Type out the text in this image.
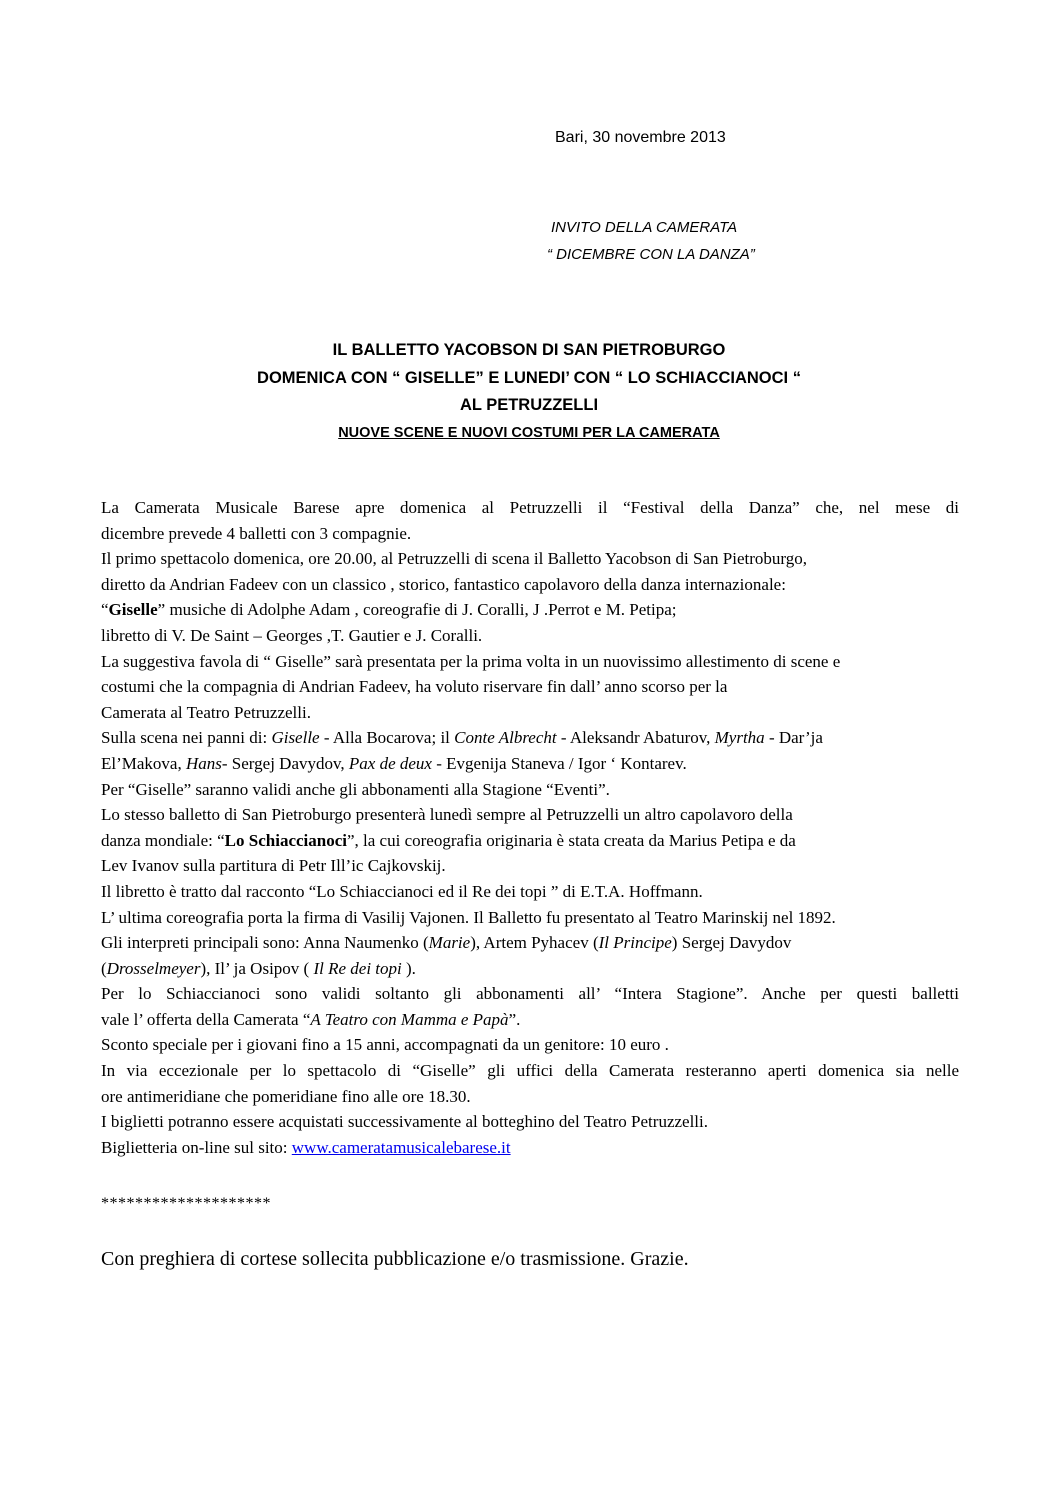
Bari, 30 novembre 2013
INVITO DELLA CAMERATA
“ DICEMBRE CON LA DANZA”

IL BALLETTO YACOBSON DI SAN PIETROBURGO

DOMENICA CON “ GISELLE” E LUNEDI’ CON “ LO SCHIACCIANOCI “

AL PETRUZZELLI

NUOVE SCENE E NUOVI COSTUMI PER LA CAMERATA

La Camerata Musicale Barese apre domenica al Petruzzelli il “Festival della Danza” che, nel mese di

dicembre prevede 4 balletti con 3 compagnie.

Il primo spettacolo domenica, ore 20.00, al Petruzzelli di scena il Balletto Yacobson di San Pietroburgo,

diretto da Andrian Fadeev con un classico , storico, fantastico capolavoro della danza internazionale:

“Giselle” musiche di Adolphe Adam , coreografie di J. Coralli, J .Perrot e M. Petipa;

libretto di V. De Saint – Georges ,T. Gautier e J. Coralli.

La suggestiva favola di “ Giselle” sarà presentata per la prima volta in un nuovissimo allestimento di scene e

costumi che la compagnia di Andrian Fadeev, ha voluto riservare fin dall’ anno scorso per la

Camerata al Teatro Petruzzelli.

Sulla scena nei panni di: Giselle - Alla Bocarova; il Conte Albrecht - Aleksandr Abaturov, Myrtha - Dar’ja

El’Makova, Hans- Sergej Davydov, Pax de deux - Evgenija Staneva / Igor ‘ Kontarev.

Per “Giselle” saranno validi anche gli abbonamenti alla Stagione “Eventi”.

Lo stesso balletto di San Pietroburgo presenterà lunedì sempre al Petruzzelli un altro capolavoro della

danza mondiale: “Lo Schiaccianoci”, la cui coreografia originaria è stata creata da Marius Petipa e da

Lev Ivanov sulla partitura di Petr Ill’ic Cajkovskij.

Il libretto è tratto dal racconto “Lo Schiaccianoci ed il Re dei topi ” di E.T.A. Hoffmann.

L’ ultima coreografia porta la firma di Vasilij Vajonen. Il Balletto fu presentato al Teatro Marinskij nel 1892.

Gli interpreti principali sono: Anna Naumenko (Marie), Artem Pyhacev (Il Principe) Sergej Davydov

(Drosselmeyer), Il’ ja Osipov ( Il Re dei topi ).

Per lo Schiaccianoci sono validi soltanto gli abbonamenti all’ “Intera Stagione”. Anche per questi balletti

vale l’ offerta della Camerata “A Teatro con Mamma e Papà”.

Sconto speciale per i giovani fino a 15 anni, accompagnati da un genitore: 10 euro .

In via eccezionale per lo spettacolo di “Giselle” gli uffici della Camerata resteranno aperti domenica sia nelle

ore antimeridiane che pomeridiane fino alle ore 18.30.

I biglietti potranno essere acquistati successivamente al botteghino del Teatro Petruzzelli.

Biglietteria on-line sul sito: www.cameratamusicalebarese.it

********************
Con preghiera di cortese sollecita pubblicazione e/o trasmissione. Grazie.
